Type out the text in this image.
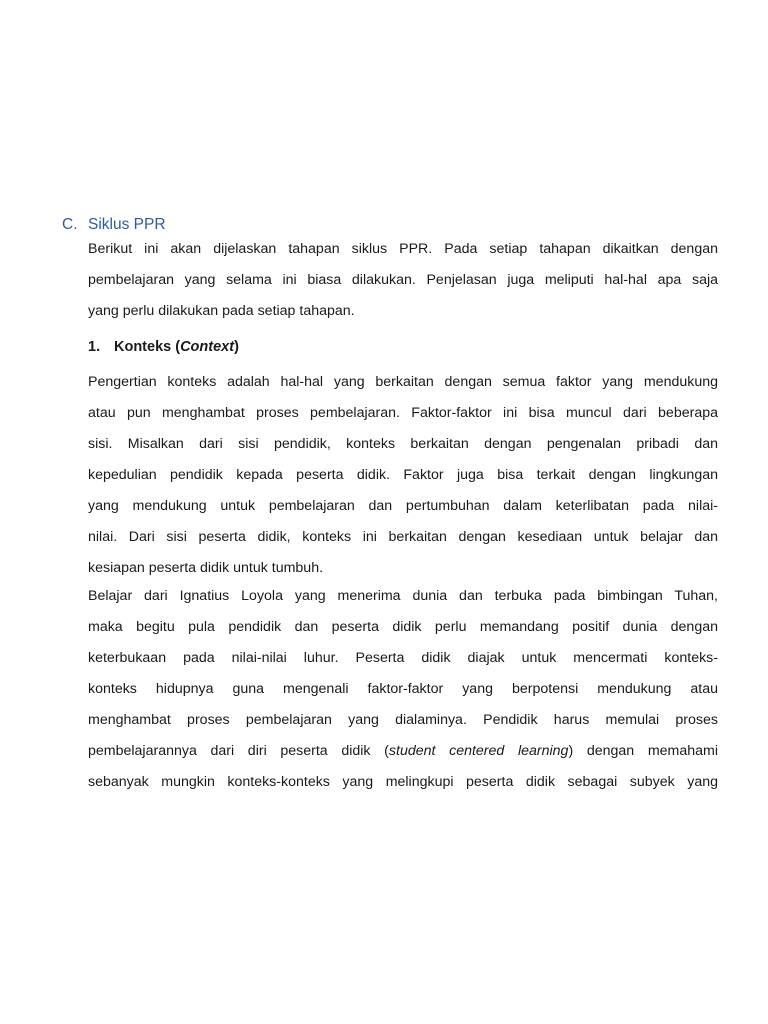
C. Siklus PPR
Berikut ini akan dijelaskan tahapan siklus PPR. Pada setiap tahapan dikaitkan dengan
pembelajaran yang selama ini biasa dilakukan. Penjelasan juga meliputi hal-hal apa saja
yang perlu dilakukan pada setiap tahapan.
1. Konteks (Context)
Pengertian konteks adalah hal-hal yang berkaitan dengan semua faktor yang mendukung
atau pun menghambat proses pembelajaran. Faktor-faktor ini bisa muncul dari beberapa
sisi. Misalkan dari sisi pendidik, konteks berkaitan dengan pengenalan pribadi dan
kepedulian pendidik kepada peserta didik. Faktor juga bisa terkait dengan lingkungan
yang mendukung untuk pembelajaran dan pertumbuhan dalam keterlibatan pada nilai-
nilai. Dari sisi peserta didik, konteks ini berkaitan dengan kesediaan untuk belajar dan
kesiapan peserta didik untuk tumbuh.
Belajar dari Ignatius Loyola yang menerima dunia dan terbuka pada bimbingan Tuhan,
maka begitu pula pendidik dan peserta didik perlu memandang positif dunia dengan
keterbukaan pada nilai-nilai luhur. Peserta didik diajak untuk mencermati konteks-
konteks hidupnya guna mengenali faktor-faktor yang berpotensi mendukung atau
menghambat proses pembelajaran yang dialaminya. Pendidik harus memulai proses
pembelajarannya dari diri peserta didik (student centered learning) dengan memahami
sebanyak mungkin konteks-konteks yang melingkupi peserta didik sebagai subyek yang
